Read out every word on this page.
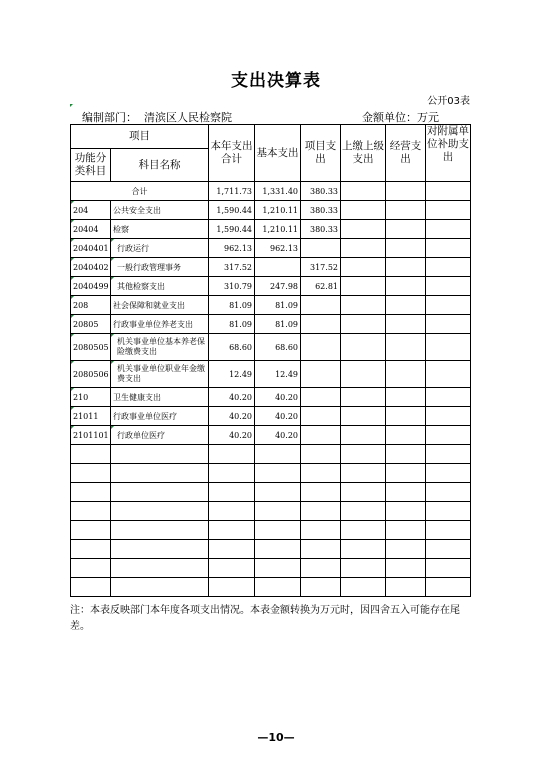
支出决算表
公开03表
编制部门： 清滨区人民检察院	金额单位：万元
项目		本年支出合计	基本支出	项目支出	上缴上级支出	经营支出	对附属单位补助支出

功能分类科目	科目名称						
合计		1,711.73	1,331.40	380.33			
204	公共安全支出	1,590.44	1,210.11	380.33			
20404	检察	1,590.44	1,210.11	380.33			
2040401	行政运行	962.13	962.13				
2040402	一般行政管理事务	317.52		317.52			
2040499	其他检察支出	310.79	247.98	62.81			
208	社会保障和就业支出	81.09	81.09				
20805	行政事业单位养老支出	81.09	81.09				
2080505	机关事业单位基本养老保险缴费支出	68.60	68.60				
2080506	机关事业单位职业年金缴费支出	12.49	12.49				
210	卫生健康支出	40.20	40.20				
21011	行政事业单位医疗	40.20	40.20				
2101101	行政单位医疗	40.20	40.20				

注：本表反映部门本年度各项支出情况。本表金额转换为万元时，因四舍五入可能存在尾差。
—10—
